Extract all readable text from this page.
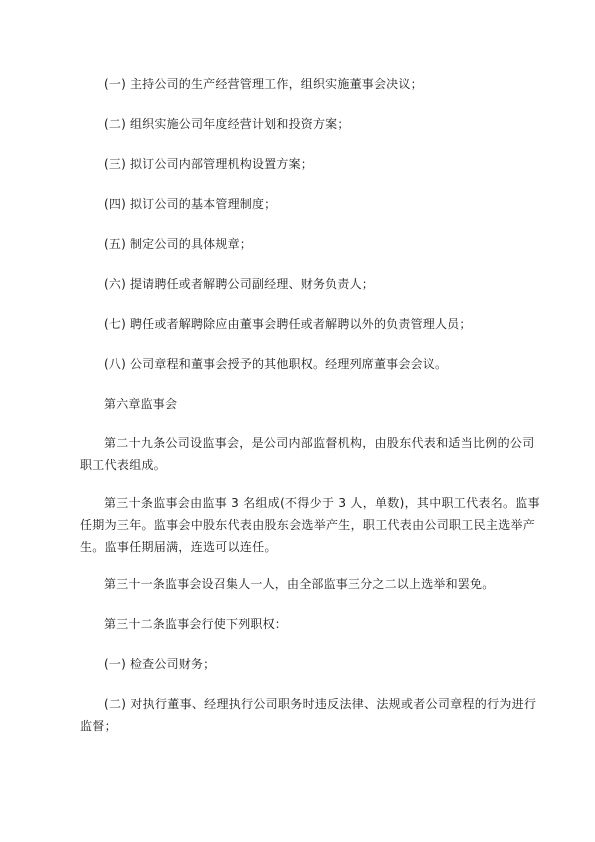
(一) 主持公司的生产经营管理工作，组织实施董事会决议；
(二) 组织实施公司年度经营计划和投资方案；
(三) 拟订公司内部管理机构设置方案；
(四) 拟订公司的基本管理制度；
(五) 制定公司的具体规章；
(六) 提请聘任或者解聘公司副经理、财务负责人；
(七) 聘任或者解聘除应由董事会聘任或者解聘以外的负责管理人员；
(八) 公司章程和董事会授予的其他职权。经理列席董事会会议。
第六章监事会
第二十九条公司设监事会，是公司内部监督机构，由股东代表和适当比例的公司
职工代表组成。
第三十条监事会由监事 3 名组成(不得少于 3 人，单数)，其中职工代表名。监事
任期为三年。监事会中股东代表由股东会选举产生，职工代表由公司职工民主选举产
生。监事任期届满，连选可以连任。
第三十一条监事会设召集人一人，由全部监事三分之二以上选举和罢免。
第三十二条监事会行使下列职权：
(一) 检查公司财务；
(二) 对执行董事、经理执行公司职务时违反法律、法规或者公司章程的行为进行
监督；
